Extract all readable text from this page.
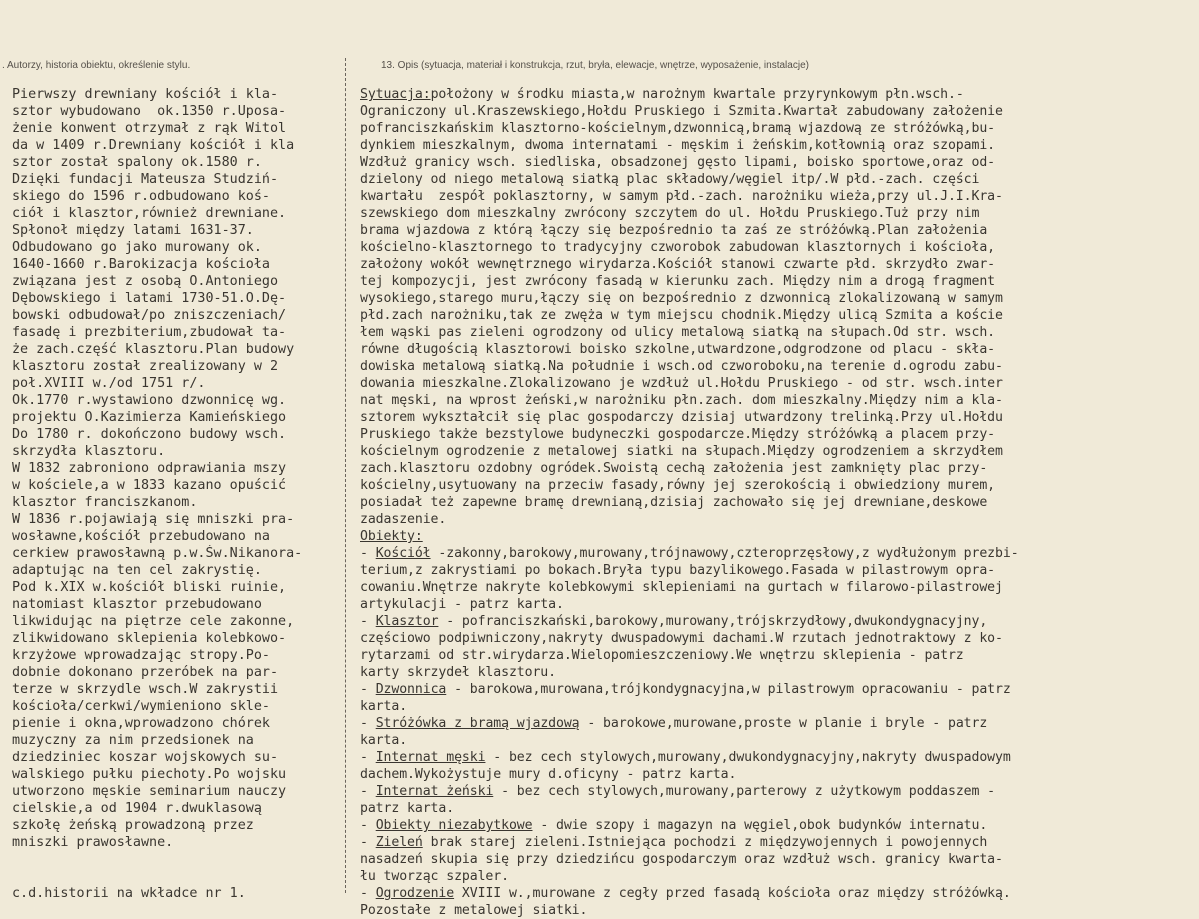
. Autorzy, historia obiektu, określenie stylu.	13. Opis (sytuacja, materiał i konstrukcja, rzut, bryła, elewacje, wnętrze, wyposażenie, instalacje)
Pierwszy drewniany kościół i kla-
sztor wybudowano  ok.1350 r.Uposa-
żenie konwent otrzymał z rąk Witol
da w 1409 r.Drewniany kościół i kla
sztor został spalony ok.1580 r.
Dzięki fundacji Mateusza Studziń-
skiego do 1596 r.odbudowano koś-
ciół i klasztor,również drewniane.
Spłonoł między latami 1631-37.
Odbudowano go jako murowany ok.
1640-1660 r.Barokizacja kościoła
związana jest z osobą O.Antoniego
Dębowskiego i latami 1730-51.O.Dę-
bowski odbudował/po zniszczeniach/
fasadę i prezbiterium,zbudował ta-
że zach.część klasztoru.Plan budowy
klasztoru został zrealizowany w 2
poł.XVIII w./od 1751 r/.
Ok.1770 r.wystawiono dzwonnicę wg.
projektu O.Kazimierza Kamieńskiego
Do 1780 r. dokończono budowy wsch.
skrzydła klasztoru.
W 1832 zabroniono odprawiania mszy
w kościele,a w 1833 kazano opuścić
klasztor franciszkanom.
W 1836 r.pojawiają się mniszki pra-
wosławne,kościół przebudowano na
cerkiew prawosławną p.w.Św.Nikanora-
adaptując na ten cel zakrystię.
Pod k.XIX w.kościół bliski ruinie,
natomiast klasztor przebudowano
likwidując na piętrze cele zakonne,
zlikwidowano sklepienia kolebkowo-
krzyżowe wprowadzając stropy.Po-
dobnie dokonano przeróbek na par-
terze w skrzydle wsch.W zakrystii
kościoła/cerkwi/wymieniono skle-
pienie i okna,wprowadzono chórek
muzyczny za nim przedsionek na
dziedziniec koszar wojskowych su-
walskiego pułku piechoty.Po wojsku
utworzono męskie seminarium nauczy
cielskie,a od 1904 r.dwuklasową
szkołę żeńską prowadzoną przez
mniszki prawosławne.
c.d.historii na wkładce nr 1.
Sytuacja:położony w środku miasta,w narożnym kwartale przyrynkowym płn.wsch.-
Ograniczony ul.Kraszewskiego,Hołdu Pruskiego i Szmita.Kwartał zabudowany założenie
pofranciszkańskim klasztorno-kościelnym,dzwonnicą,bramą wjazdową ze stróżówką,bu-
dynkiem mieszkalnym, dwoma internatami - męskim i żeńskim,kotłownią oraz szopami.
Wzdłuż granicy wsch. siedliska, obsadzonej gęsto lipami, boisko sportowe,oraz od-
dzielony od niego metalową siatką plac składowy/węgiel itp/.W płd.-zach. części
kwartału  zespół poklasztorny, w samym płd.-zach. narożniku wieża,przy ul.J.I.Kra-
szewskiego dom mieszkalny zwrócony szczytem do ul. Hołdu Pruskiego.Tuż przy nim
brama wjazdowa z którą łączy się bezpośrednio ta zaś ze stróżówką.Plan założenia
kościelno-klasztornego to tradycyjny czworobok zabudowan klasztornych i kościoła,
założony wokół wewnętrznego wirydarza.Kościół stanowi czwarte płd. skrzydło zwar-
tej kompozycji, jest zwrócony fasadą w kierunku zach. Między nim a drogą fragment
wysokiego,starego muru,łączy się on bezpośrednio z dzwonnicą zlokalizowaną w samym
płd.zach narożniku,tak ze zwęża w tym miejscu chodnik.Między ulicą Szmita a koście
łem wąski pas zieleni ogrodzony od ulicy metalową siatką na słupach.Od str. wsch.
równe długością klasztorowi boisko szkolne,utwardzone,odgrodzone od placu - skła-
dowiska metalową siatką.Na południe i wsch.od czworoboku,na terenie d.ogrodu zabu-
dowania mieszkalne.Zlokalizowano je wzdłuż ul.Hołdu Pruskiego - od str. wsch.inter
nat męski, na wprost żeński,w narożniku płn.zach. dom mieszkalny.Między nim a kla-
sztorem wykształcił się plac gospodarczy dzisiaj utwardzony trelinką.Przy ul.Hołdu
Pruskiego także bezstylowe budyneczki gospodarcze.Między stróżówką a placem przy-
kościelnym ogrodzenie z metalowej siatki na słupach.Między ogrodzeniem a skrzydłem
zach.klasztoru ozdobny ogródek.Swoistą cechą założenia jest zamknięty plac przy-
kościelny,usytuowany na przeciw fasady,równy jej szerokością i obwiedziony murem,
posiadał też zapewne bramę drewnianą,dzisiaj zachowało się jej drewniane,deskowe
zadaszenie.
Obiekty:
- Kościół -zakonny,barokowy,murowany,trójnawowy,czteroprzęsłowy,z wydłużonym prezbi-
terium,z zakrystiami po bokach.Bryła typu bazylikowego.Fasada w pilastrowym opra-
cowaniu.Wnętrze nakryte kolebkowymi sklepieniami na gurtach w filarowo-pilastrowej
artykulacji - patrz karta.
- Klasztor - pofranciszkański,barokowy,murowany,trójskrzydłowy,dwukondygnacyjny,
częściowo podpiwniczony,nakryty dwuspadowymi dachami.W rzutach jednotraktowy z ko-
rytarzami od str.wirydarza.Wielopomieszczeniowy.We wnętrzu sklepienia - patrz
karty skrzydeł klasztoru.
- Dzwonnica - barokowa,murowana,trójkondygnacyjna,w pilastrowym opracowaniu - patrz
karta.
- Stróżówka z bramą wjazdową - barokowe,murowane,proste w planie i bryle - patrz
karta.
- Internat męski - bez cech stylowych,murowany,dwukondygnacyjny,nakryty dwuspadowym
dachem.Wykożystuje mury d.oficyny - patrz karta.
- Internat żeński - bez cech stylowych,murowany,parterowy z użytkowym poddaszem -
patrz karta.
- Obiekty niezabytkowe - dwie szopy i magazyn na węgiel,obok budynków internatu.
- Zieleń brak starej zieleni.Istniejąca pochodzi z międzywojennych i powojennych
nasadzeń skupia się przy dziedzińcu gospodarczym oraz wzdłuż wsch. granicy kwarta-
łu tworząc szpaler.
- Ogrodzenie XVIII w.,murowane z cegły przed fasadą kościoła oraz między stróżówką.
Pozostałe z metalowej siatki.
